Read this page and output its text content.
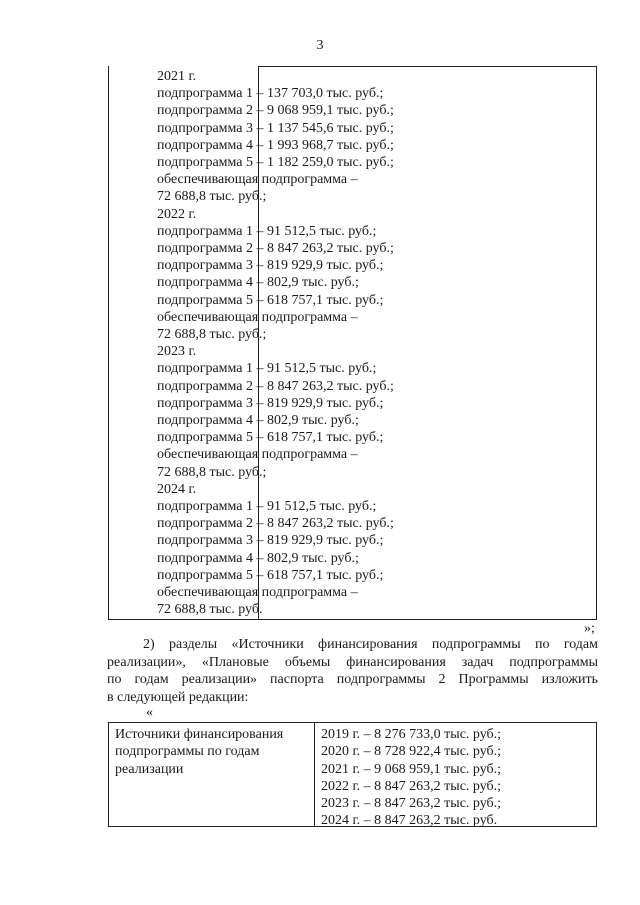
3
2021 г.
подпрограмма 1 – 137 703,0 тыс. руб.;
подпрограмма 2 – 9 068 959,1 тыс. руб.;
подпрограмма 3 – 1 137 545,6 тыс. руб.;
подпрограмма 4 – 1 993 968,7 тыс. руб.;
подпрограмма 5 – 1 182 259,0 тыс. руб.;
обеспечивающая подпрограмма –
72 688,8 тыс. руб.;
2022 г.
подпрограмма 1 – 91 512,5 тыс. руб.;
подпрограмма 2 – 8 847 263,2 тыс. руб.;
подпрограмма 3 – 819 929,9 тыс. руб.;
подпрограмма 4 – 802,9 тыс. руб.;
подпрограмма 5 – 618 757,1 тыс. руб.;
обеспечивающая подпрограмма –
72 688,8 тыс. руб.;
2023 г.
подпрограмма 1 – 91 512,5 тыс. руб.;
подпрограмма 2 – 8 847 263,2 тыс. руб.;
подпрограмма 3 – 819 929,9 тыс. руб.;
подпрограмма 4 – 802,9 тыс. руб.;
подпрограмма 5 – 618 757,1 тыс. руб.;
обеспечивающая подпрограмма –
72 688,8 тыс. руб.;
2024 г.
подпрограмма 1 – 91 512,5 тыс. руб.;
подпрограмма 2 – 8 847 263,2 тыс. руб.;
подпрограмма 3 – 819 929,9 тыс. руб.;
подпрограмма 4 – 802,9 тыс. руб.;
подпрограмма 5 – 618 757,1 тыс. руб.;
обеспечивающая подпрограмма –
72 688,8 тыс. руб.
»;

2) разделы «Источники финансирования подпрограммы по годам
реализации», «Плановые объемы финансирования задач подпрограммы
по годам реализации» паспорта подпрограммы 2 Программы изложить
в следующей редакции:

«
Источники финансирования
подпрограммы по годам
реализации
2019 г. – 8 276 733,0 тыс. руб.;
2020 г. – 8 728 922,4 тыс. руб.;
2021 г. – 9 068 959,1 тыс. руб.;
2022 г. – 8 847 263,2 тыс. руб.;
2023 г. – 8 847 263,2 тыс. руб.;
2024 г. – 8 847 263,2 тыс. руб.
